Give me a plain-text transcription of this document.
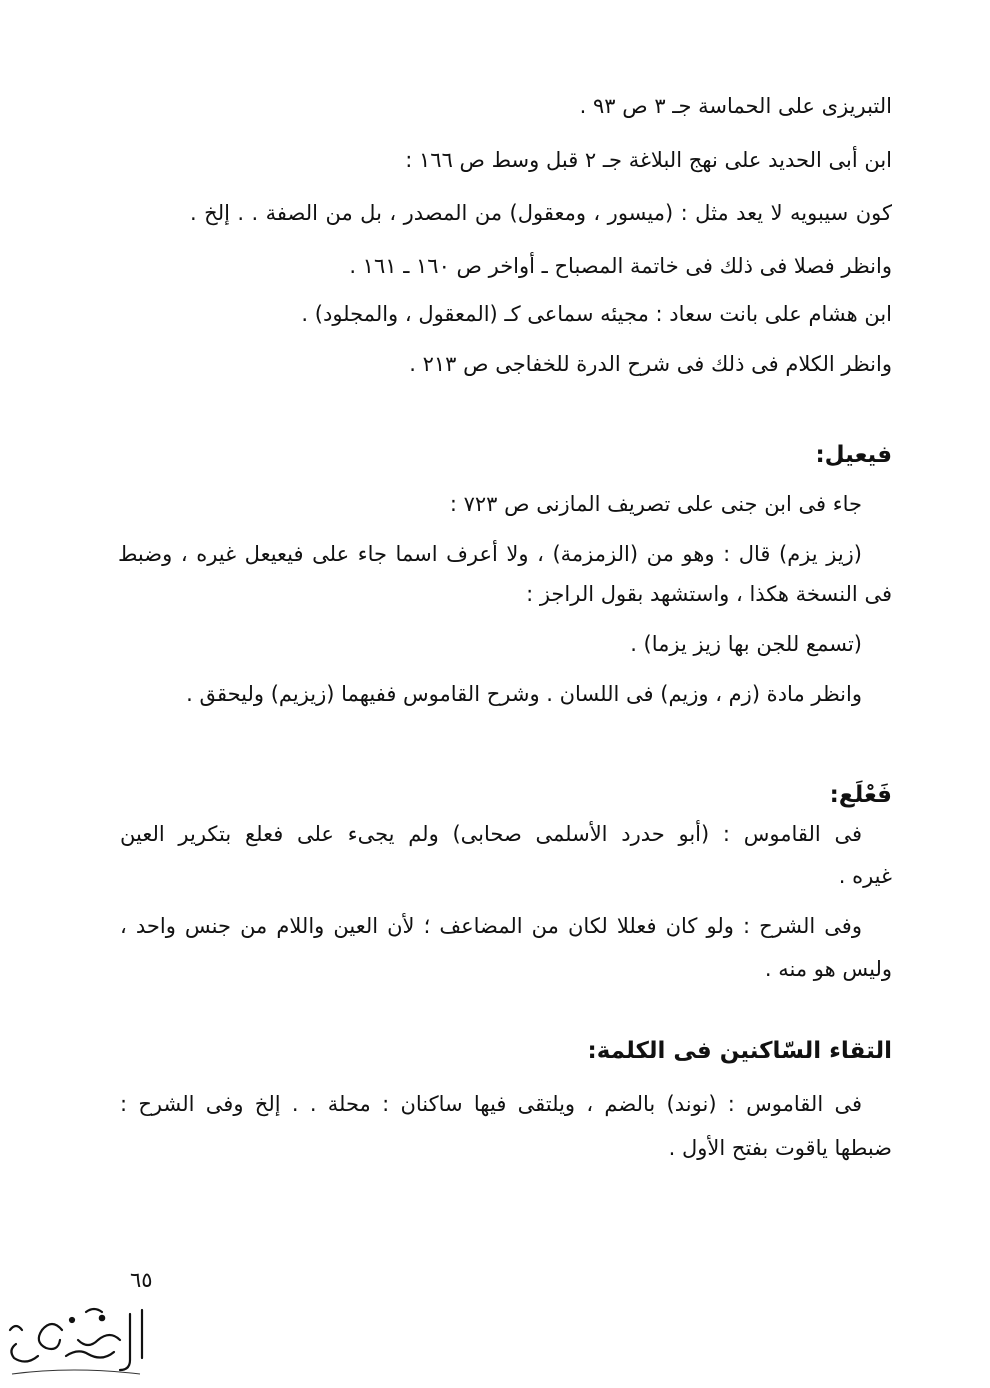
التبريزى على الحماسة جـ ٣ ص ٩٣ .
ابن أبى الحديد على نهج البلاغة جـ ٢ قبل وسط ص ١٦٦ :
كون سيبويه لا يعد مثل : (ميسور ، ومعقول) من المصدر ، بل من الصفة . . إلخ .
وانظر فصلا فى ذلك فى خاتمة المصباح ـ أواخر ص ١٦٠ ـ ١٦١ .
ابن هشام على بانت سعاد : مجيئه سماعى كـ (المعقول ، والمجلود) .
وانظر الكلام فى ذلك فى شرح الدرة للخفاجى ص ٢١٣ .
فيعيل:
جاء فى ابن جنى على تصريف المازنى ص ٧٢٣ :
(زيز يزم) قال : وهو من (الزمزمة) ، ولا أعرف اسما جاء على فيعيعل غيره ، وضبط
فى النسخة هكذا ، واستشهد بقول الراجز :
(تسمع للجن بها زيز يزما) .
وانظر مادة (زم ، وزيم) فى اللسان . وشرح القاموس ففيهما (زيزيم) وليحقق .
فَعْلَع:
فى القاموس : (أبو حدرد الأسلمى صحابى) ولم يجىء على فعلع بتكرير العين
غيره .
وفى الشرح : ولو كان فعللا لكان من المضاعف ؛ لأن العين واللام من جنس واحد ،
وليس هو منه .
التقاء السّاكنين فى الكلمة:
فى القاموس : (نوند) بالضم ، ويلتقى فيها ساكنان : محلة . . إلخ وفى الشرح :
ضبطها ياقوت بفتح الأول .
٦٥
